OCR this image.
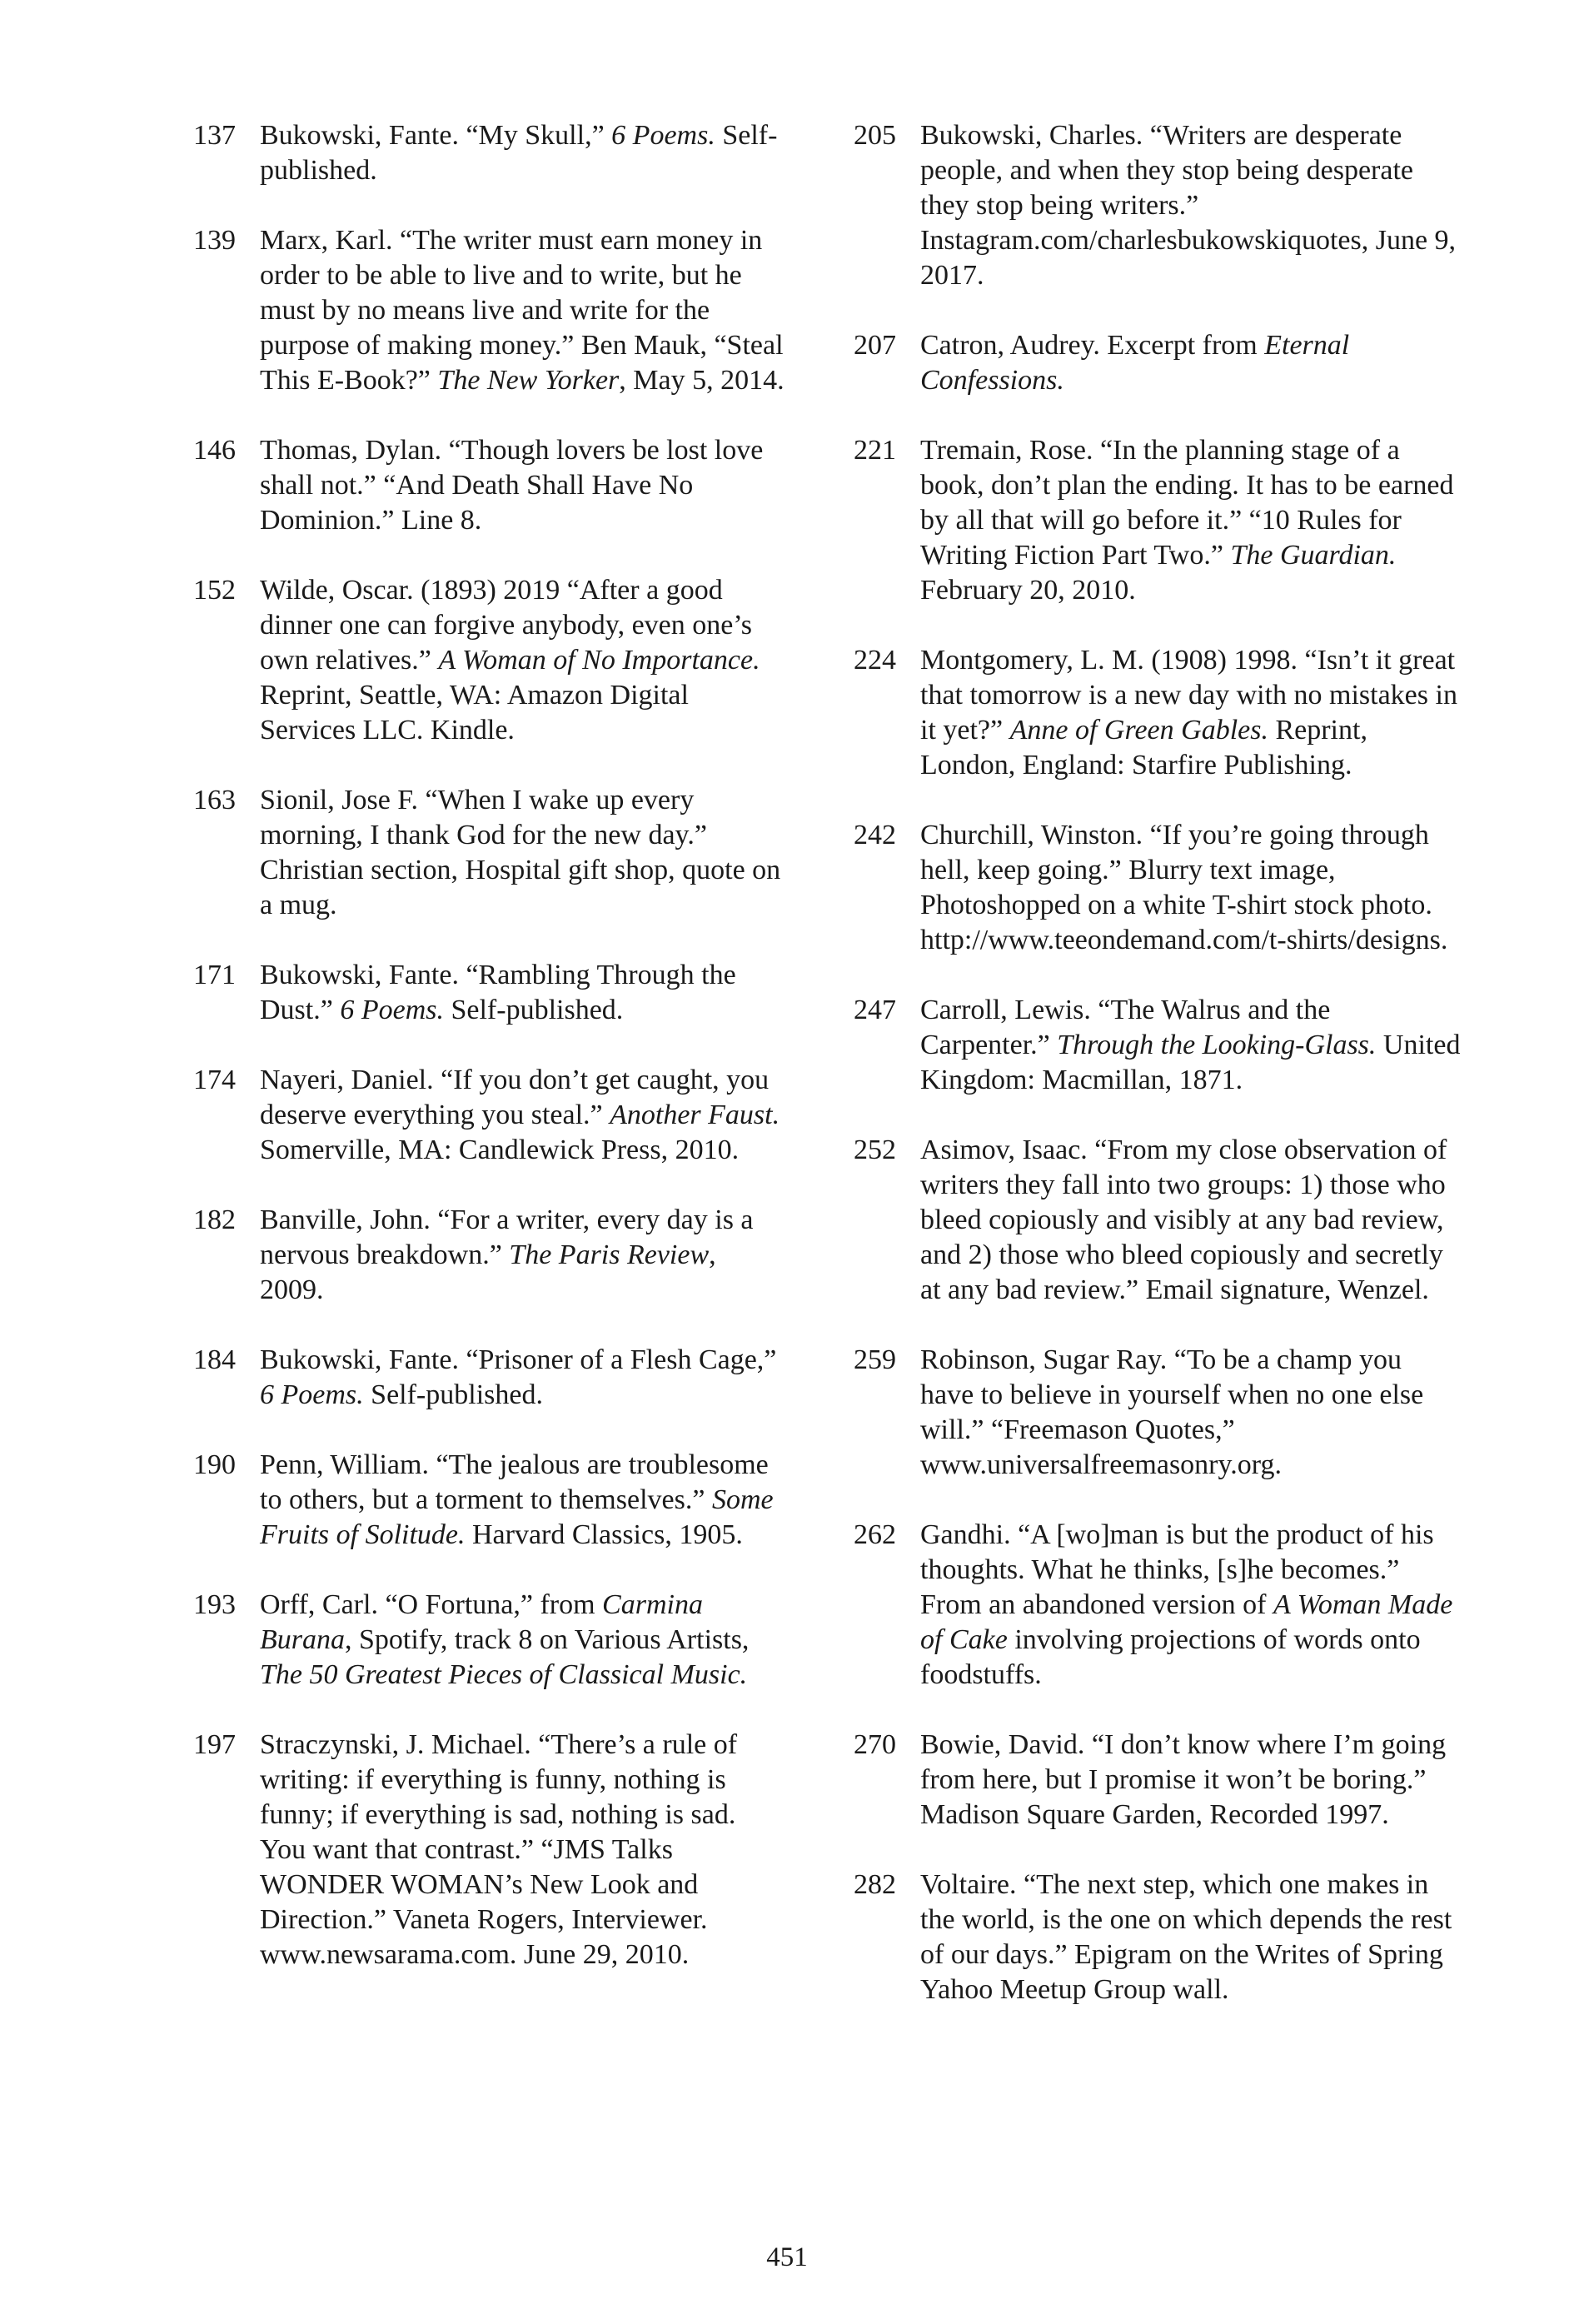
137 Bukowski, Fante. “My Skull,” 6 Poems. Self-published.
139 Marx, Karl. “The writer must earn money in order to be able to live and to write, but he must by no means live and write for the purpose of making money.” Ben Mauk, “Steal This E-Book?” The New Yorker, May 5, 2014.
146 Thomas, Dylan. “Though lovers be lost love shall not.” “And Death Shall Have No Dominion.” Line 8.
152 Wilde, Oscar. (1893) 2019 “After a good dinner one can forgive anybody, even one’s own relatives.” A Woman of No Importance. Reprint, Seattle, WA: Amazon Digital Services LLC. Kindle.
163 Sionil, Jose F. “When I wake up every morning, I thank God for the new day.” Christian section, Hospital gift shop, quote on a mug.
171 Bukowski, Fante. “Rambling Through the Dust.” 6 Poems. Self-published.
174 Nayeri, Daniel. “If you don’t get caught, you deserve everything you steal.” Another Faust. Somerville, MA: Candlewick Press, 2010.
182 Banville, John. “For a writer, every day is a nervous breakdown.” The Paris Review, 2009.
184 Bukowski, Fante. “Prisoner of a Flesh Cage,” 6 Poems. Self-published.
190 Penn, William. “The jealous are troublesome to others, but a torment to themselves.” Some Fruits of Solitude. Harvard Classics, 1905.
193 Orff, Carl. “O Fortuna,” from Carmina Burana, Spotify, track 8 on Various Artists, The 50 Greatest Pieces of Classical Music.
197 Straczynski, J. Michael. “There’s a rule of writing: if everything is funny, nothing is funny; if everything is sad, nothing is sad. You want that contrast.” “JMS Talks WONDER WOMAN’s New Look and Direction.” Vaneta Rogers, Interviewer. www.newsarama.com. June 29, 2010.
205 Bukowski, Charles. “Writers are desperate people, and when they stop being desperate they stop being writers.” Instagram.com/charlesbukowskiquotes, June 9, 2017.
207 Catron, Audrey. Excerpt from Eternal Confessions.
221 Tremain, Rose. “In the planning stage of a book, don’t plan the ending. It has to be earned by all that will go before it.” “10 Rules for Writing Fiction Part Two.” The Guardian. February 20, 2010.
224 Montgomery, L. M. (1908) 1998. “Isn’t it great that tomorrow is a new day with no mistakes in it yet?” Anne of Green Gables. Reprint, London, England: Starfire Publishing.
242 Churchill, Winston. “If you’re going through hell, keep going.” Blurry text image, Photoshopped on a white T-shirt stock photo. http://www.teeondemand.com/t-shirts/designs.
247 Carroll, Lewis. “The Walrus and the Carpenter.” Through the Looking-Glass. United Kingdom: Macmillan, 1871.
252 Asimov, Isaac. “From my close observation of writers they fall into two groups: 1) those who bleed copiously and visibly at any bad review, and 2) those who bleed copiously and secretly at any bad review.” Email signature, Wenzel.
259 Robinson, Sugar Ray. “To be a champ you have to believe in yourself when no one else will.” “Freemason Quotes,” www.universalfreemasonry.org.
262 Gandhi. “A [wo]man is but the product of his thoughts. What he thinks, [s]he becomes.” From an abandoned version of A Woman Made of Cake involving projections of words onto foodstuffs.
270 Bowie, David. “I don’t know where I’m going from here, but I promise it won’t be boring.” Madison Square Garden, Recorded 1997.
282 Voltaire. “The next step, which one makes in the world, is the one on which depends the rest of our days.” Epigram on the Writes of Spring Yahoo Meetup Group wall.
451
